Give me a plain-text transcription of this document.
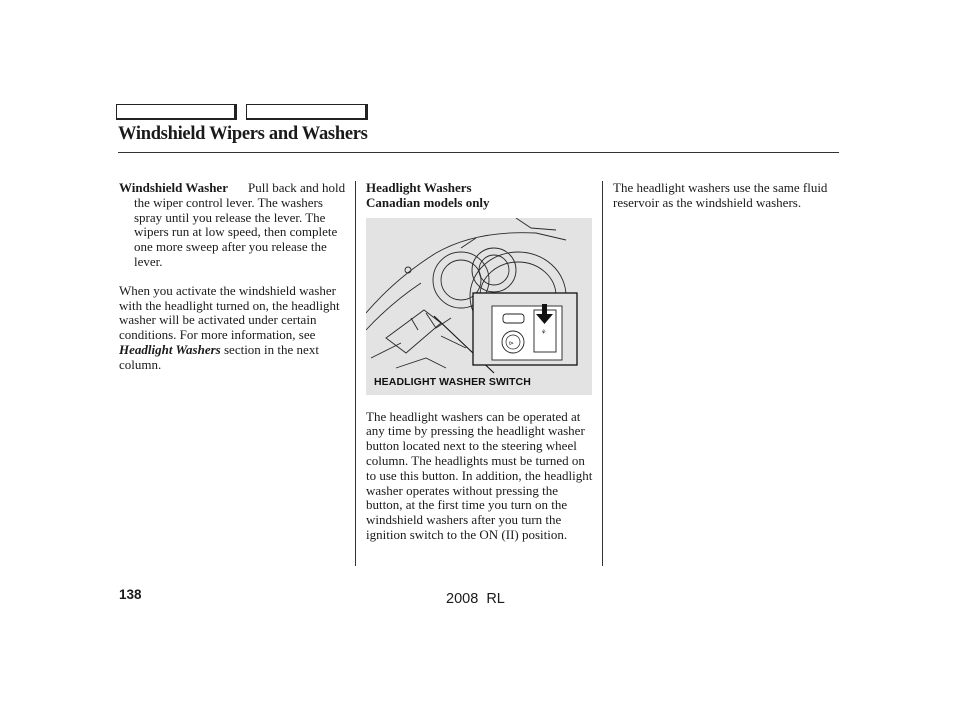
Windshield Wipers and Washers

Windshield Washer Pull back and hold the wiper control lever. The washers spray until you release the lever. The wipers run at low speed, then complete one more sweep after you release the lever.

When you activate the windshield washer with the headlight turned on, the headlight washer will be activated under certain conditions. For more information, see Headlight Washers section in the next column.

Headlight Washers

Canadian models only

The headlight washers can be operated at any time by pressing the headlight washer button located next to the steering wheel column. The headlights must be turned on to use this button. In addition, the headlight washer operates without pressing the button, at the first time you turn on the windshield washers after you turn the ignition switch to the ON (II) position.

⚘
⊳
HEADLIGHT WASHER SWITCH

The headlight washers use the same fluid reservoir as the windshield washers.

138	2008  RL
